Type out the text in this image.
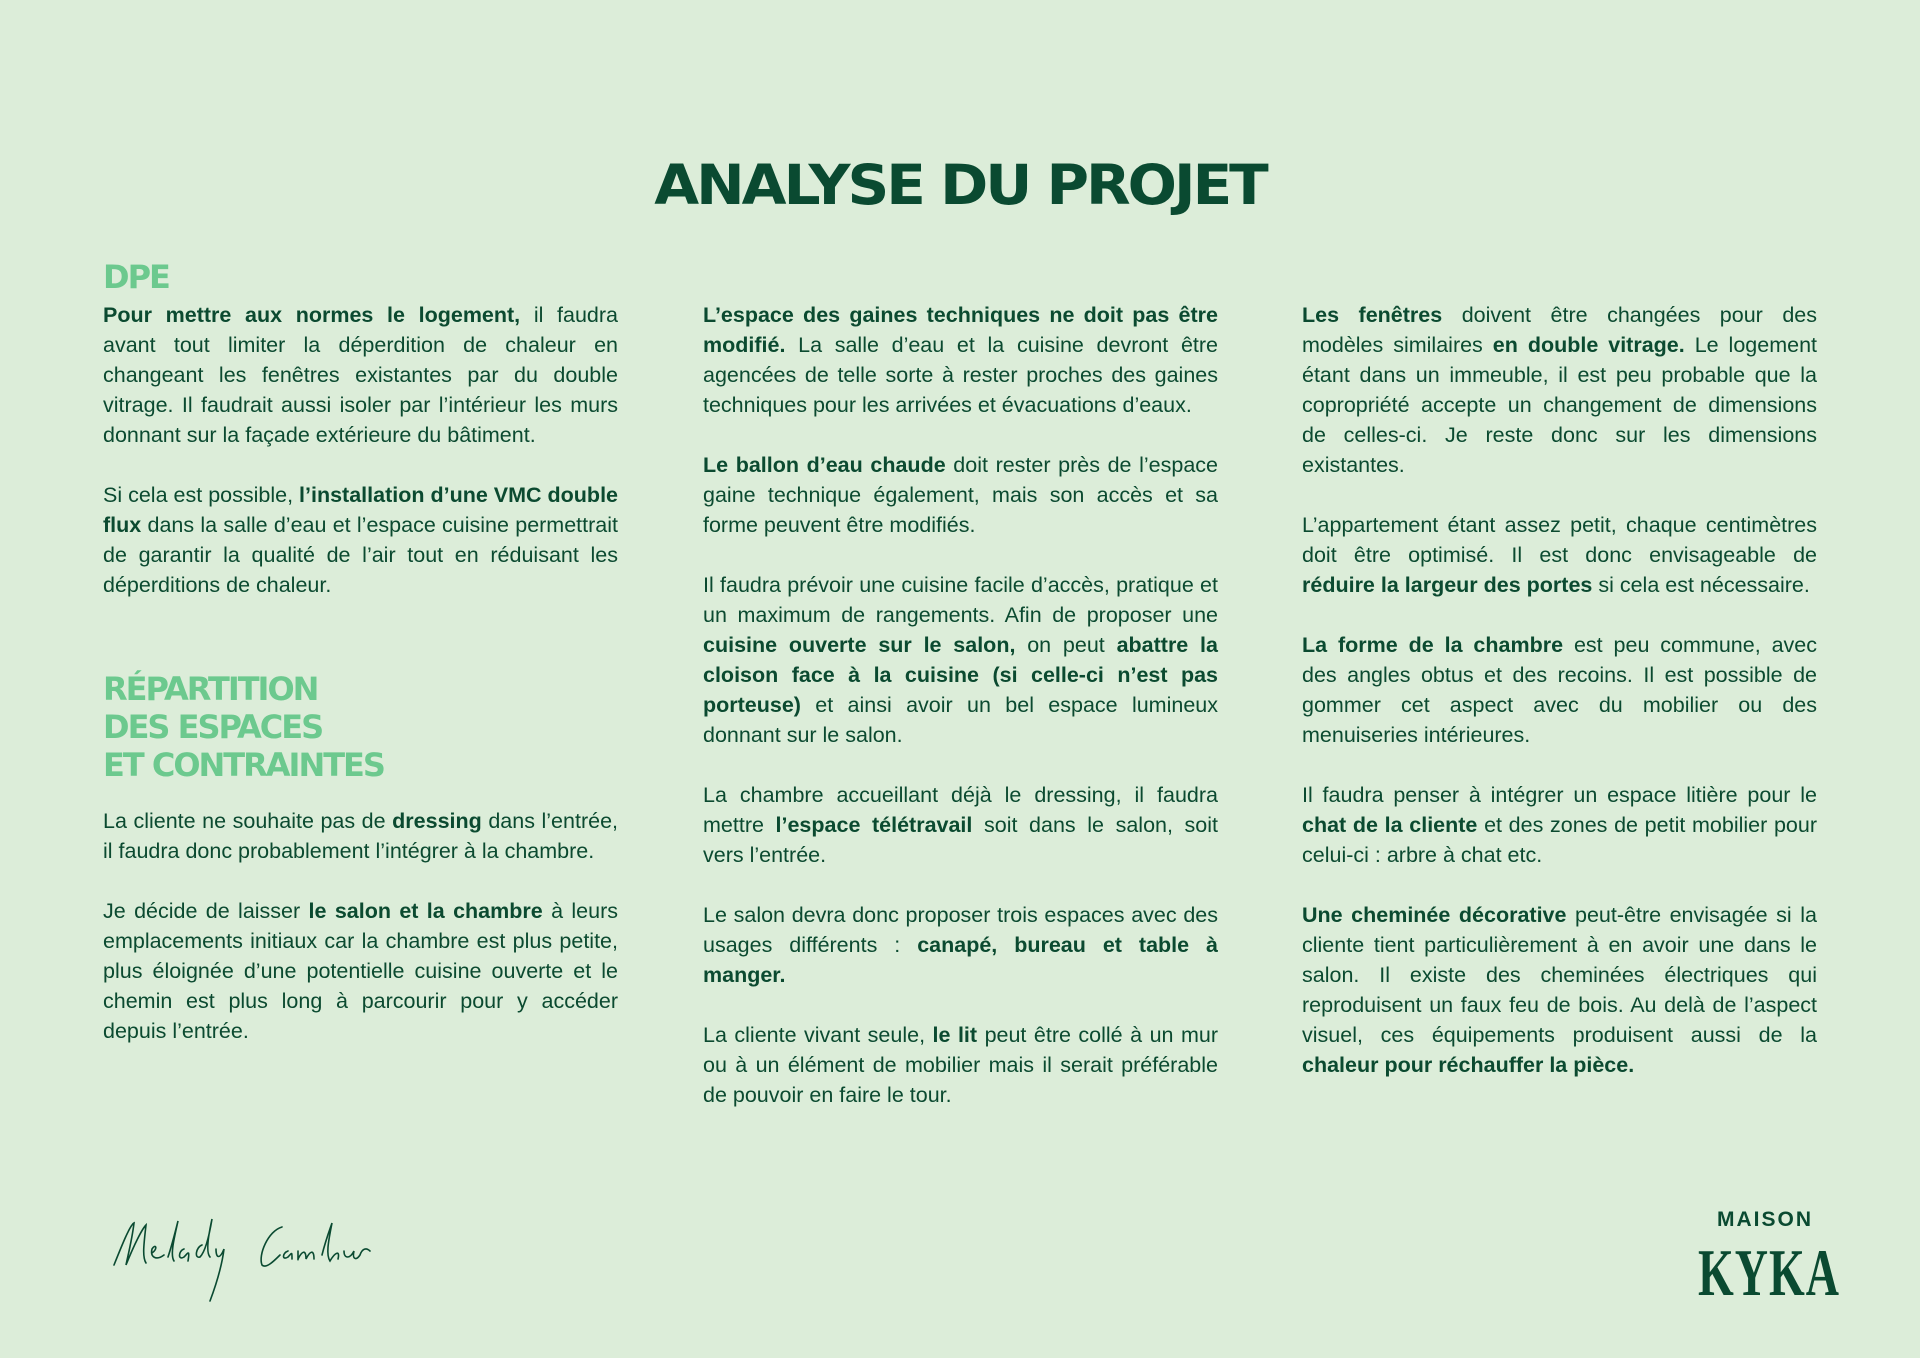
ANALYSE DU PROJET
DPE

Pour mettre aux normes le logement, il faudra avant tout limiter la déperdition de chaleur en changeant les fenêtres existantes par du double vitrage. Il faudrait aussi isoler par l’intérieur les murs donnant sur la façade extérieure du bâtiment.

Si cela est possible, l’installation d’une VMC double flux dans la salle d’eau et l’espace cuisine permettrait de garantir la qualité de l’air tout en réduisant les déperditions de chaleur.

RÉPARTITION
DES ESPACES
ET CONTRAINTES

La cliente ne souhaite pas de dressing dans l’entrée, il faudra donc probablement l’intégrer à la chambre.

Je décide de laisser le salon et la chambre à leurs emplacements initiaux car la chambre est plus petite, plus éloignée d’une potentielle cuisine ouverte et le chemin est plus long à parcourir pour y accéder depuis l’entrée.

L’espace des gaines techniques ne doit pas être modifié. La salle d’eau et la cuisine devront être agencées de telle sorte à rester proches des gaines techniques pour les arrivées et évacuations d’eaux.

Le ballon d’eau chaude doit rester près de l’espace gaine technique également, mais son accès et sa forme peuvent être modifiés.

Il faudra prévoir une cuisine facile d’accès, pratique et un maximum de rangements. Afin de proposer une cuisine ouverte sur le salon, on peut abattre la cloison face à la cuisine (si celle-ci n’est pas porteuse) et ainsi avoir un bel espace lumineux donnant sur le salon.

La chambre accueillant déjà le dressing, il faudra mettre l’espace télétravail soit dans le salon, soit vers l’entrée.

Le salon devra donc proposer trois espaces avec des usages différents : canapé, bureau et table à manger.

La cliente vivant seule, le lit peut être collé à un mur ou à un élément de mobilier mais il serait préférable de pouvoir en faire le tour.

Les fenêtres doivent être changées pour des modèles similaires en double vitrage. Le logement étant dans un immeuble, il est peu probable que la copropriété accepte un changement de dimensions de celles-ci. Je reste donc sur les dimensions existantes.

L’appartement étant assez petit, chaque centimètres doit être optimisé. Il est donc envisageable de réduire la largeur des portes si cela est nécessaire.

La forme de la chambre est peu commune, avec des angles obtus et des recoins. Il est possible de gommer cet aspect avec du mobilier ou des menuiseries intérieures.

Il faudra penser à intégrer un espace litière pour le chat de la cliente et des zones de petit mobilier pour celui-ci : arbre à chat etc.

Une cheminée décorative peut-être envisagée si la cliente tient particulièrement à en avoir une dans le salon. Il existe des cheminées électriques qui reproduisent un faux feu de bois. Au delà de l’aspect visuel, ces équipements produisent aussi de la chaleur pour réchauffer la pièce.

MAISON
KYKA
